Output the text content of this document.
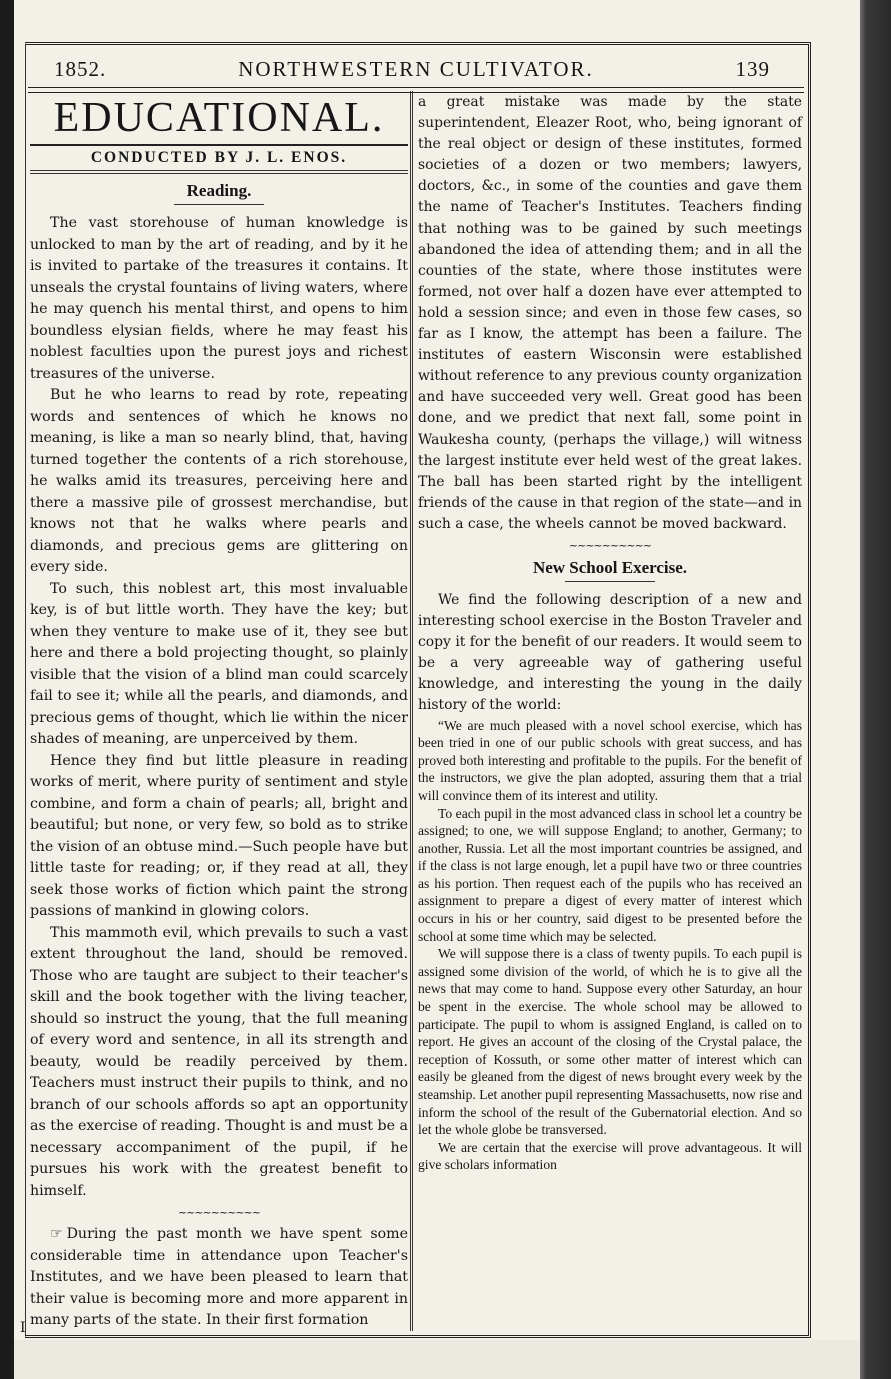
1852.	NORTHWESTERN CULTIVATOR.	139
EDUCATIONAL.
CONDUCTED BY J. L. ENOS.
Reading.

The vast storehouse of human knowledge is unlocked to man by the art of reading, and by it he is invited to partake of the treasures it contains. It unseals the crystal fountains of living waters, where he may quench his mental thirst, and opens to him boundless elysian fields, where he may feast his noblest faculties upon the purest joys and richest treasures of the universe.

But he who learns to read by rote, repeating words and sentences of which he knows no meaning, is like a man so nearly blind, that, having turned together the contents of a rich storehouse, he walks amid its treasures, perceiving here and there a massive pile of grossest merchandise, but knows not that he walks where pearls and diamonds, and precious gems are glittering on every side.

To such, this noblest art, this most invaluable key, is of but little worth. They have the key; but when they venture to make use of it, they see but here and there a bold projecting thought, so plainly visible that the vision of a blind man could scarcely fail to see it; while all the pearls, and diamonds, and precious gems of thought, which lie within the nicer shades of meaning, are unperceived by them.

Hence they find but little pleasure in reading works of merit, where purity of sentiment and style combine, and form a chain of pearls; all, bright and beautiful; but none, or very few, so bold as to strike the vision of an obtuse mind.—Such people have but little taste for reading; or, if they read at all, they seek those works of fiction which paint the strong passions of mankind in glowing colors.

This mammoth evil, which prevails to such a vast extent throughout the land, should be removed. Those who are taught are subject to their teacher's skill and the book together with the living teacher, should so instruct the young, that the full meaning of every word and sentence, in all its strength and beauty, would be readily perceived by them. Teachers must instruct their pupils to think, and no branch of our schools affords so apt an opportunity as the exercise of reading. Thought is and must be a necessary accompaniment of the pupil, if he pursues his work with the greatest benefit to himself.

~~~~~~~~~~

☞ During the past month we have spent some considerable time in attendance upon Teacher's Institutes, and we have been pleased to learn that their value is becoming more and more apparent in many parts of the state. In their first formation

a great mistake was made by the state superintendent, Eleazer Root, who, being ignorant of the real object or design of these institutes, formed societies of a dozen or two members; lawyers, doctors, &c., in some of the counties and gave them the name of Teacher's Institutes. Teachers finding that nothing was to be gained by such meetings abandoned the idea of attending them; and in all the counties of the state, where those institutes were formed, not over half a dozen have ever attempted to hold a session since; and even in those few cases, so far as I know, the attempt has been a failure. The institutes of eastern Wisconsin were established without reference to any previous county organization and have succeeded very well. Great good has been done, and we predict that next fall, some point in Waukesha county, (perhaps the village,) will witness the largest institute ever held west of the great lakes. The ball has been started right by the intelligent friends of the cause in that region of the state—and in such a case, the wheels cannot be moved backward.

~~~~~~~~~~
New School Exercise.

We find the following description of a new and interesting school exercise in the Boston Traveler and copy it for the benefit of our readers. It would seem to be a very agreeable way of gathering useful knowledge, and interesting the young in the daily history of the world:

“We are much pleased with a novel school exercise, which has been tried in one of our public schools with great success, and has proved both interesting and profitable to the pupils. For the benefit of the instructors, we give the plan adopted, assuring them that a trial will convince them of its interest and utility.

To each pupil in the most advanced class in school let a country be assigned; to one, we will suppose England; to another, Germany; to another, Russia. Let all the most important countries be assigned, and if the class is not large enough, let a pupil have two or three countries as his portion. Then request each of the pupils who has received an assignment to prepare a digest of every matter of interest which occurs in his or her country, said digest to be presented before the school at some time which may be selected.

We will suppose there is a class of twenty pupils. To each pupil is assigned some division of the world, of which he is to give all the news that may come to hand. Suppose every other Saturday, an hour be spent in the exercise. The whole school may be allowed to participate. The pupil to whom is assigned England, is called on to report. He gives an account of the closing of the Crystal palace, the reception of Kossuth, or some other matter of interest which can easily be gleaned from the digest of news brought every week by the steamship. Let another pupil representing Massachusetts, now rise and inform the school of the result of the Gubernatorial election. And so let the whole globe be transversed.

We are certain that the exercise will prove advantageous. It will give scholars information

I
